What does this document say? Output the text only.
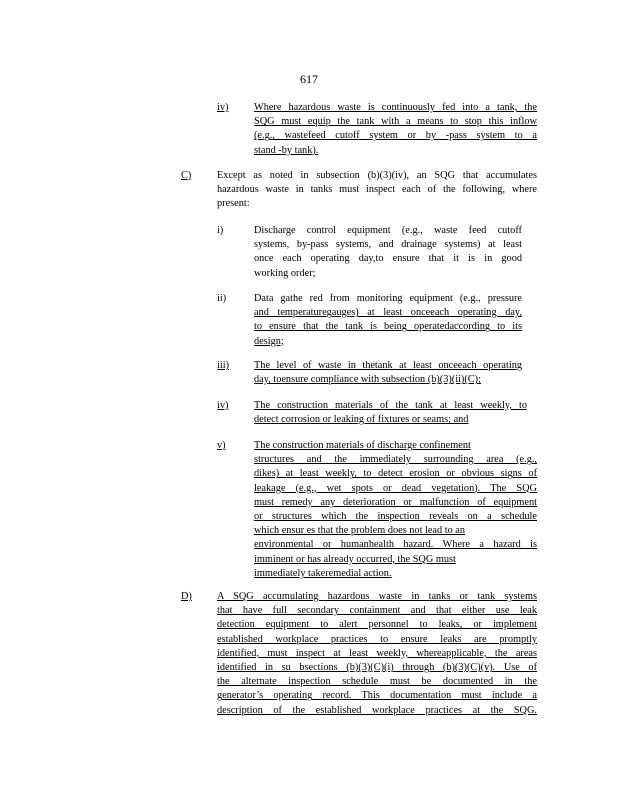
617
iv) Where hazardous waste is continuously fed into a tank, the
SQG must equip the tank with a means to stop this inflow
(e.g., wastefeed cutoff system or by -pass system to a
stand -by tank).
C) Except as noted in subsection (b)(3)(iv), an SQG that accumulates
hazardous waste in tanks must inspect each of the following, where
present:
i)	Discharge control equipment (e.g., waste feed cutoff
systems, by-pass systems, and drainage systems) at least
once each operating day,to ensure that it is in good
working order;
ii)	Data gathe red from monitoring equipment (e.g., pressure
and temperaturegauges) at least onceeach operating day,
to ensure that the tank is being operatedaccording to its
design;
iii) The level of waste in thetank at least onceeach operating
day, toensure compliance with subsection (b)(3)(ii)(C);
iv) The construction materials of the tank at least weekly, to
detect corrosion or leaking of fixtures or seams; and
v)	The construction materials of discharge confinement
structures and the immediately surrounding area (e.g.,
dikes) at least weekly, to detect erosion or obvious signs of
leakage (e.g., wet spots or dead vegetation). The SQG
must remedy any deterioration or malfunction of equipment
or structures which the inspection reveals on a schedule
which ensur es that the problem does not lead to an
environmental or humanhealth hazard. Where a hazard is
imminent or has already occurred, the SQG must
immediately takeremedial action.
D) A SQG accumulating hazardous waste in tanks or tank systems
that have full secondary containment and that either use leak
detection equipment to alert personnel to leaks, or implement
established workplace practices to ensure leaks are promptly
identified, must inspect at least weekly, whereapplicable, the areas
identified in su bsections (b)(3)(C)(i) through (b)(3)(C)(v). Use of
the alternate inspection schedule must be documented in the
generator’s operating record. This documentation must include a
description of the established workplace practices at the SQG.
